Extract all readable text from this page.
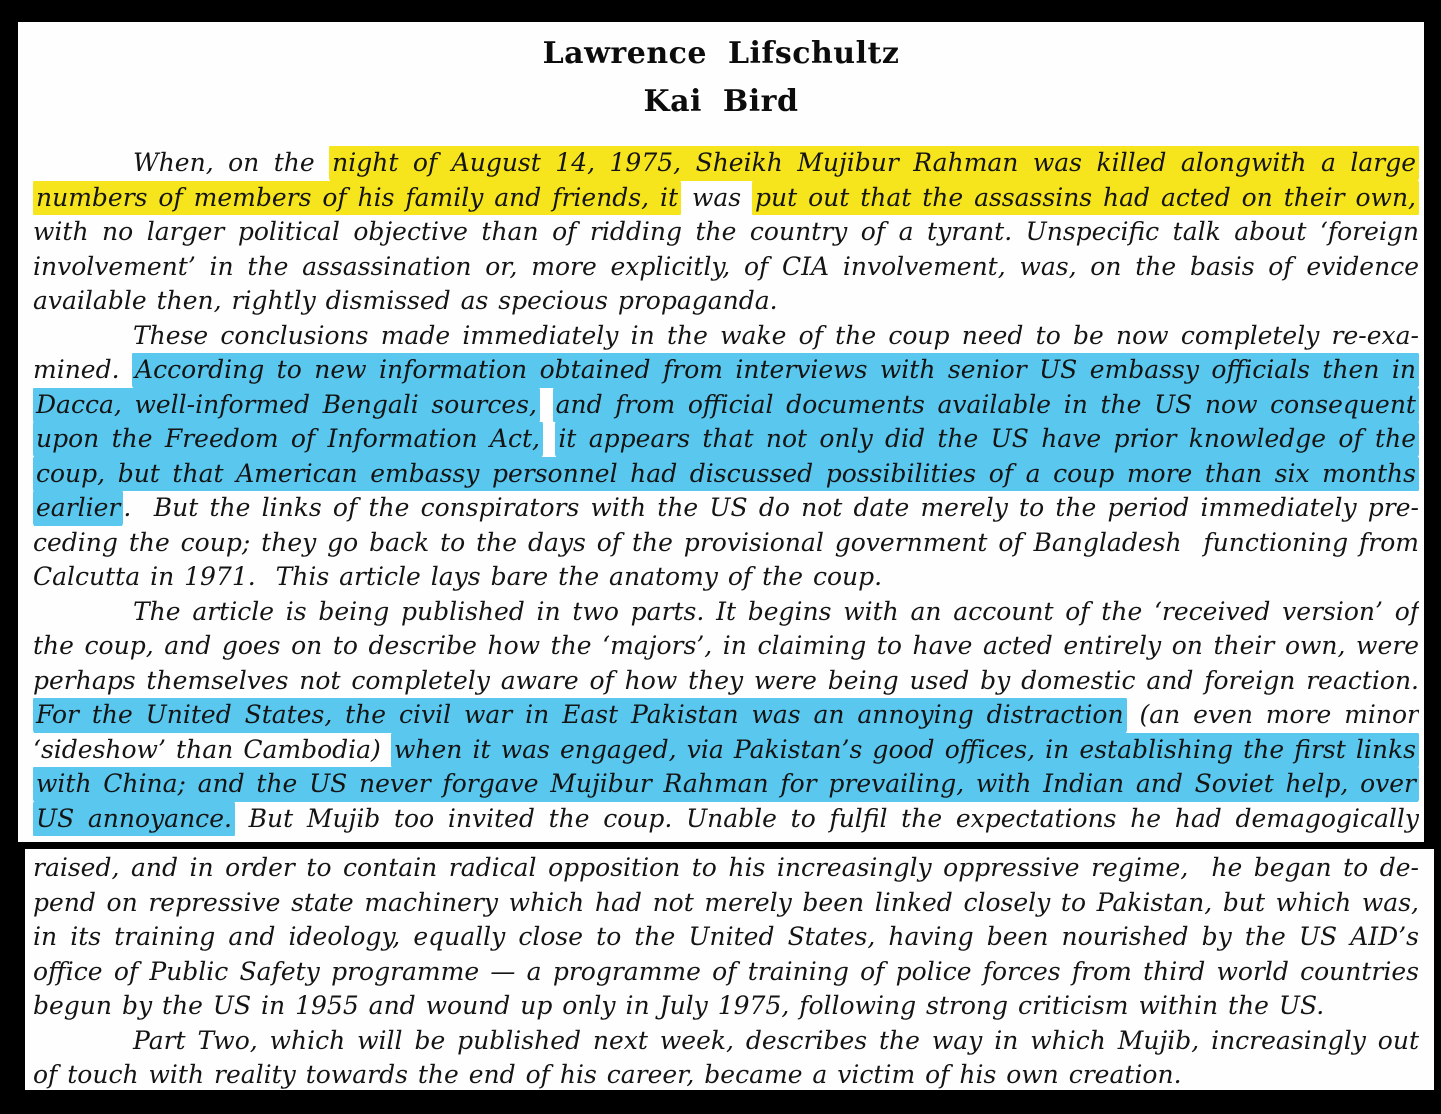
Lawrence Lifschultz
Kai Bird
When, on the night of August 14, 1975, Sheikh Mujibur Rahman was killed alongwith a large
numbers of members of his family and friends, it was put out that the assassins had acted on their own,
with no larger political objective than of ridding the country of a tyrant. Unspecific talk about ‘foreign
involvement’ in the assassination or, more explicitly, of CIA involvement, was, on the basis of evidence
available then, rightly dismissed as specious propaganda.
These conclusions made immediately in the wake of the coup need to be now completely re-exa-
mined. According to new information obtained from interviews with senior US embassy officials then in
Dacca, well-informed Bengali sources, and from official documents available in the US now consequent
upon the Freedom of Information Act, it appears that not only did the US have prior knowledge of the
coup, but that American embassy personnel had discussed possibilities of a coup more than six months
earlier .  But the links of the conspirators with the US do not date merely to the period immediately pre-
ceding the coup; they go back to the days of the provisional government of Bangladesh  functioning from
Calcutta in 1971.  This article lays bare the anatomy of the coup.
The article is being published in two parts. It begins with an account of the ‘received version’ of
the coup, and goes on to describe how the ‘majors’, in claiming to have acted entirely on their own, were
perhaps themselves not completely aware of how they were being used by domestic and foreign reaction.
For the United States, the civil war in East Pakistan was an annoying distraction (an even more minor
‘sideshow’ than Cambodia) when it was engaged, via Pakistan’s good offices, in establishing the first links
with China; and the US never forgave Mujibur Rahman for prevailing, with Indian and Soviet help, over
US annoyance. But Mujib too invited the coup. Unable to fulfil the expectations he had demagogically
raised, and in order to contain radical opposition to his increasingly oppressive regime,  he began to de-
pend on repressive state machinery which had not merely been linked closely to Pakistan, but which was,
in its training and ideology, equally close to the United States, having been nourished by the US AID’s
office of Public Safety programme — a programme of training of police forces from third world countries
begun by the US in 1955 and wound up only in July 1975, following strong criticism within the US.
Part Two, which will be published next week, describes the way in which Mujib, increasingly out
of touch with reality towards the end of his career, became a victim of his own creation.
